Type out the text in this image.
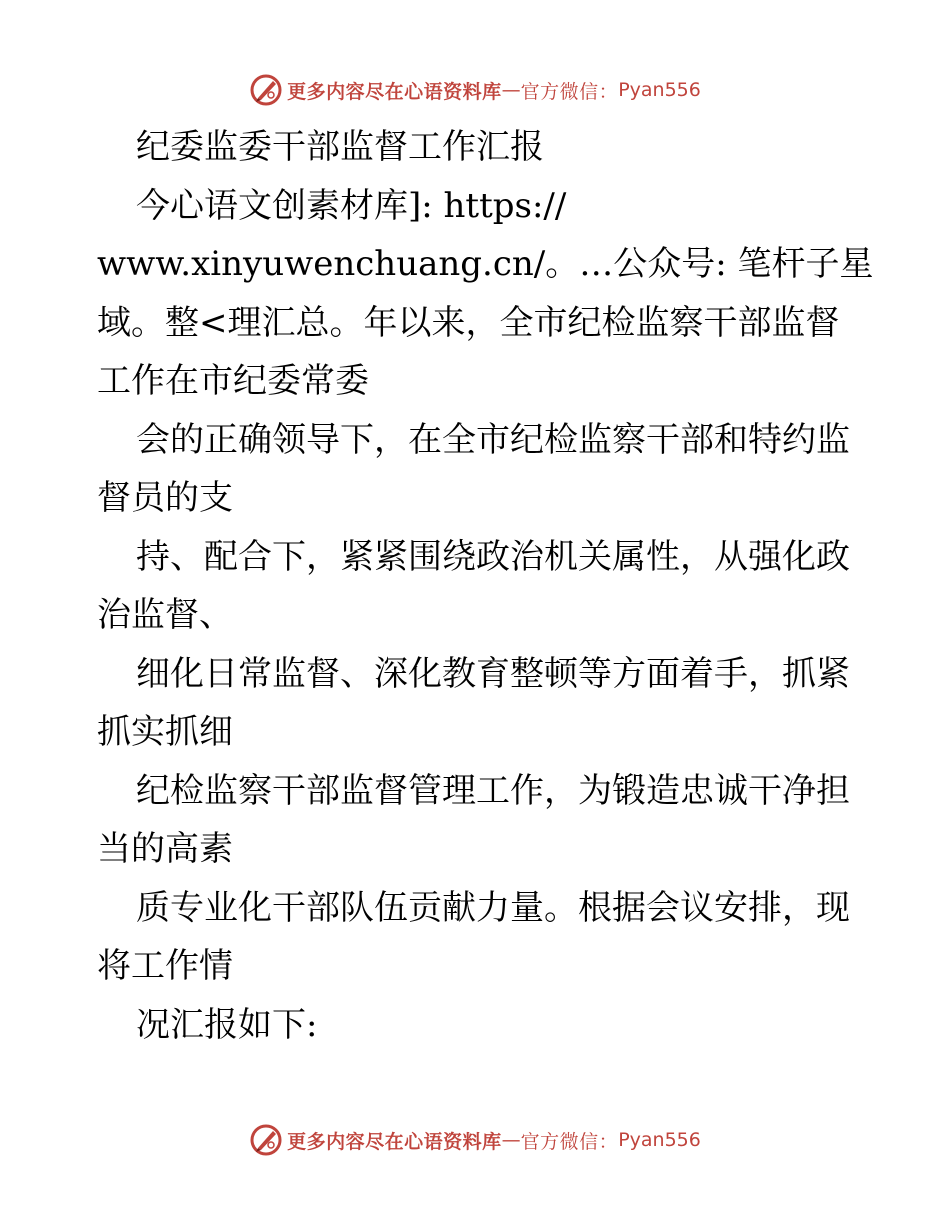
更多内容尽在心语资料库 — 官方微信： Pyan556
纪委监委干部监督工作汇报
今心语文创素材库]: https://
www.xinyuwenchuang.cn/。…公众号: 笔杆子星
域。整<理汇总。年以来，全市纪检监察干部监督
工作在市纪委常委
会的正确领导下，在全市纪检监察干部和特约监
督员的支
持、配合下，紧紧围绕政治机关属性，从强化政
治监督、
细化日常监督、深化教育整顿等方面着手，抓紧
抓实抓细
纪检监察干部监督管理工作，为锻造忠诚干净担
当的高素
质专业化干部队伍贡献力量。根据会议安排，现
将工作情
况汇报如下:
更多内容尽在心语资料库 — 官方微信： Pyan556
